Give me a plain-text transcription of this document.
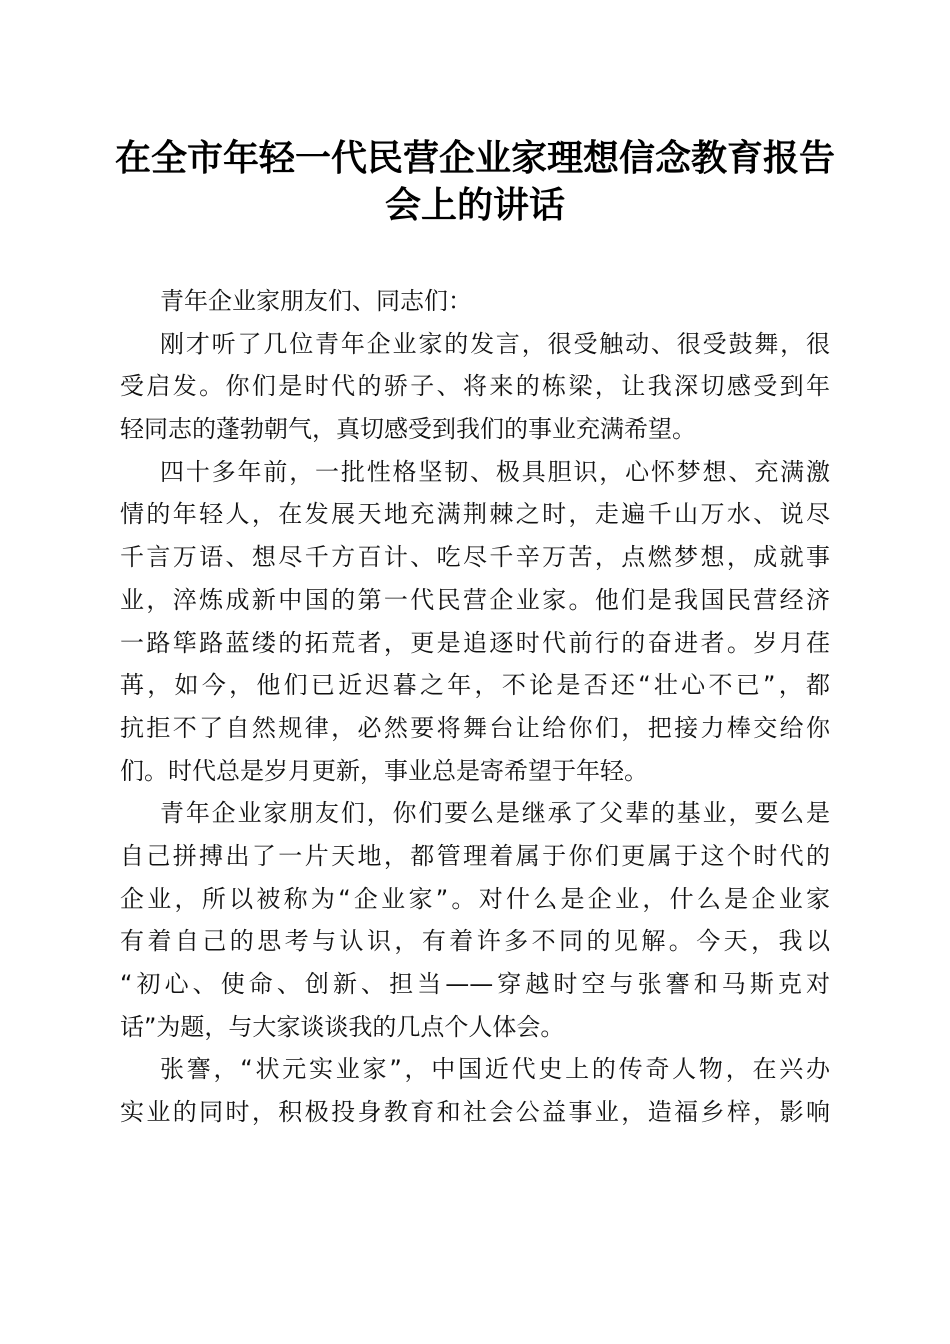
在全市年轻一代民营企业家理想信念教育报告
会上的讲话
青年企业家朋友们、同志们：
刚才听了几位青年企业家的发言，很受触动、很受鼓舞，很
受启发。你们是时代的骄子、将来的栋梁，让我深切感受到年
轻同志的蓬勃朝气，真切感受到我们的事业充满希望。
四十多年前，一批性格坚韧、极具胆识，心怀梦想、充满激
情的年轻人，在发展天地充满荆棘之时，走遍千山万水、说尽
千言万语、想尽千方百计、吃尽千辛万苦，点燃梦想，成就事
业，淬炼成新中国的第一代民营企业家。他们是我国民营经济
一路筚路蓝缕的拓荒者，更是追逐时代前行的奋进者。岁月荏
苒，如今，他们已近迟暮之年，不论是否还“壮心不已”，都
抗拒不了自然规律，必然要将舞台让给你们，把接力棒交给你
们。时代总是岁月更新，事业总是寄希望于年轻。
青年企业家朋友们，你们要么是继承了父辈的基业，要么是
自己拼搏出了一片天地，都管理着属于你们更属于这个时代的
企业，所以被称为“企业家”。对什么是企业，什么是企业家
有着自己的思考与认识，有着许多不同的见解。今天，我以
“初心、使命、创新、担当——穿越时空与张謇和马斯克对
话”为题，与大家谈谈我的几点个人体会。
张謇，“状元实业家”，中国近代史上的传奇人物，在兴办
实业的同时，积极投身教育和社会公益事业，造福乡梓，影响
